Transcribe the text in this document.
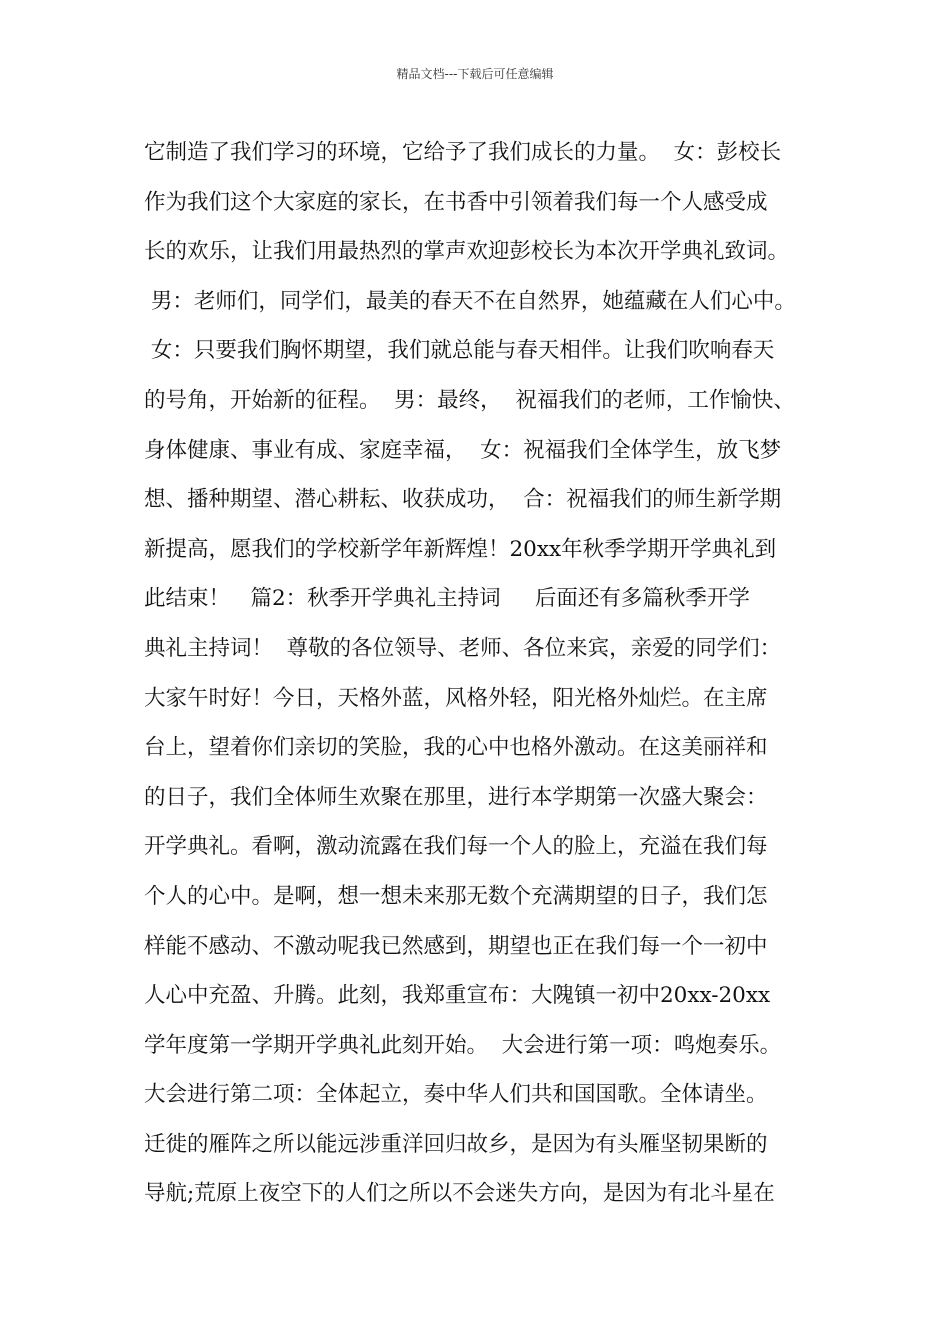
精品文档---下载后可任意编辑
它制造了我们学习的环境，它给予了我们成长的力量。  女：彭校长
作为我们这个大家庭的家长，在书香中引领着我们每一个人感受成
长的欢乐，让我们用最热烈的掌声欢迎彭校长为本次开学典礼致词。
男：老师们，同学们，最美的春天不在自然界，她蕴藏在人们心中。
女：只要我们胸怀期望，我们就总能与春天相伴。让我们吹响春天
的号角，开始新的征程。  男：最终，  祝福我们的老师，工作愉快、
身体健康、事业有成、家庭幸福，  女：祝福我们全体学生，放飞梦
想、播种期望、潜心耕耘、收获成功，  合：祝福我们的师生新学期
新提高，愿我们的学校新学年新辉煌！20xx年秋季学期开学典礼到
此结束！   篇2：秋季开学典礼主持词     后面还有多篇秋季开学
典礼主持词！  尊敬的各位领导、老师、各位来宾，亲爱的同学们：
大家午时好！今日，天格外蓝，风格外轻，阳光格外灿烂。在主席
台上，望着你们亲切的笑脸，我的心中也格外激动。在这美丽祥和
的日子，我们全体师生欢聚在那里，进行本学期第一次盛大聚会：
开学典礼。看啊，激动流露在我们每一个人的脸上，充溢在我们每
个人的心中。是啊，想一想未来那无数个充满期望的日子，我们怎
样能不感动、不激动呢我已然感到，期望也正在我们每一个一初中
人心中充盈、升腾。此刻，我郑重宣布：大隗镇一初中20xx-20xx
学年度第一学期开学典礼此刻开始。  大会进行第一项：鸣炮奏乐。
大会进行第二项：全体起立，奏中华人们共和国国歌。全体请坐。
迁徙的雁阵之所以能远涉重洋回归故乡，是因为有头雁坚韧果断的
导航;荒原上夜空下的人们之所以不会迷失方向，是因为有北斗星在
